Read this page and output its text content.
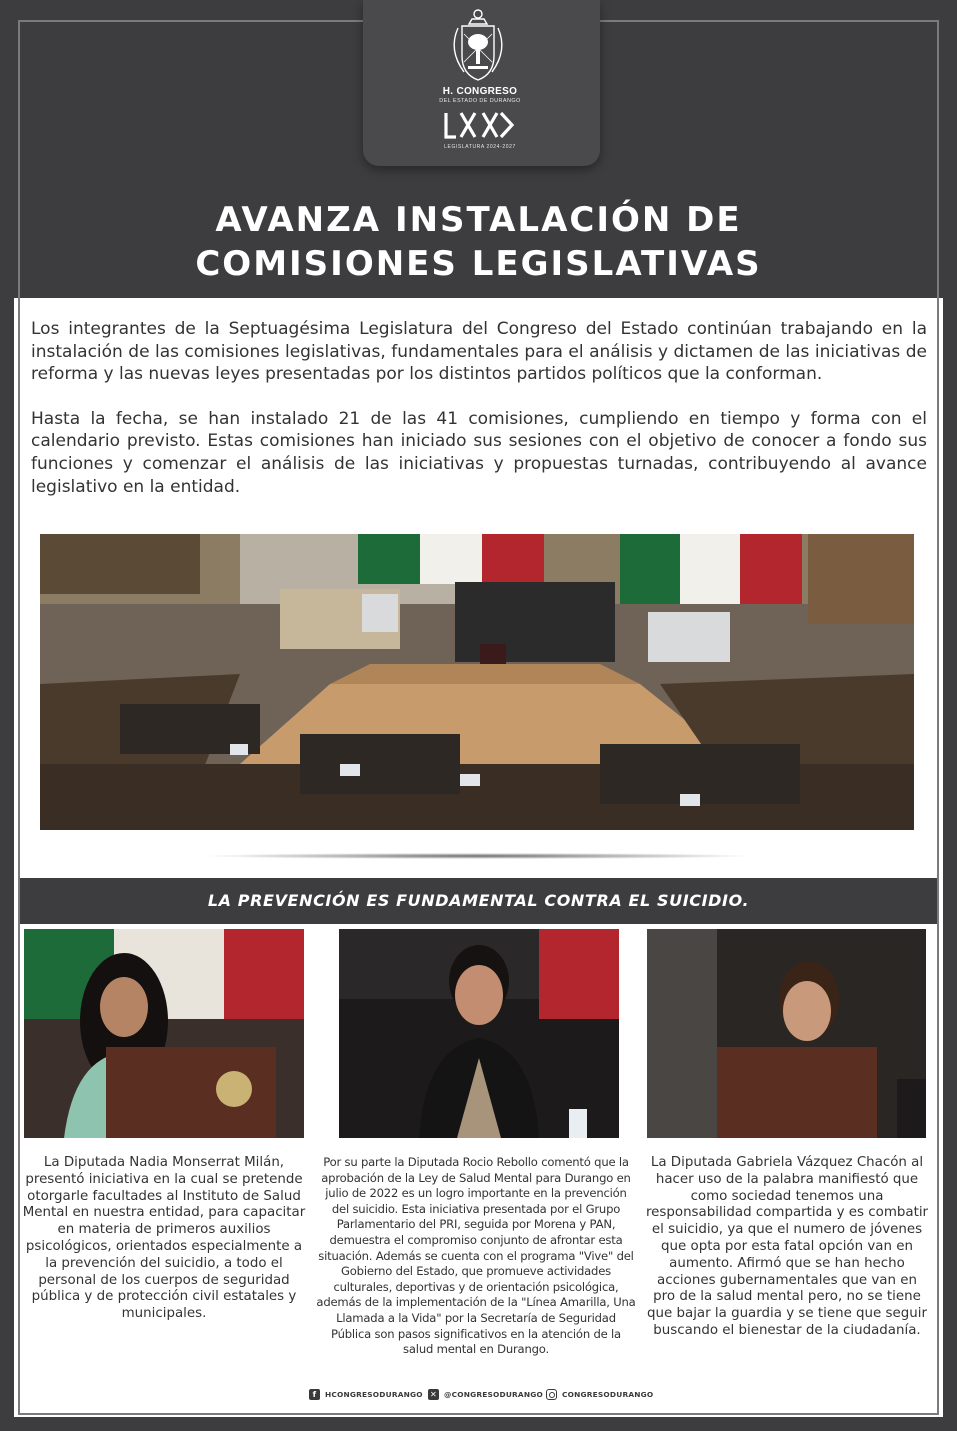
H. CONGRESO
DEL ESTADO DE DURANGO
LEGISLATURA 2024-2027
AVANZA INSTALACIÓN DE
COMISIONES LEGISLATIVAS

Los integrantes de la Septuagésima Legislatura del Congreso del Estado continúan trabajando en la instalación de las comisiones legislativas, fundamentales para el análisis y dictamen de las iniciativas de reforma y las nuevas leyes presentadas por los distintos partidos políticos que la conforman.

Hasta la fecha, se han instalado 21 de las 41 comisiones, cumpliendo en tiempo y forma con el calendario previsto. Estas comisiones han iniciado sus sesiones con el objetivo de conocer a fondo sus funciones y comenzar el análisis de las iniciativas y propuestas turnadas, contribuyendo al avance legislativo en la entidad.

LA PREVENCIÓN ES FUNDAMENTAL CONTRA EL SUICIDIO.

La Diputada Nadia Monserrat Milán, presentó iniciativa en la cual se pretende otorgarle facultades al Instituto de Salud Mental en nuestra entidad, para capacitar en materia de primeros auxilios psicológicos, orientados especialmente a la prevención del suicidio, a todo el personal de los cuerpos de seguridad pública y de protección civil estatales y municipales.

Por su parte la Diputada Rocio Rebollo comentó que la aprobación de la Ley de Salud Mental para Durango en julio de 2022 es un logro importante en la prevención del suicidio. Esta iniciativa presentada por el Grupo Parlamentario del PRI, seguida por Morena y PAN, demuestra el compromiso conjunto de afrontar esta situación. Además se cuenta con el programa "Vive" del Gobierno del Estado, que promueve actividades culturales, deportivas y de orientación psicológica, además de la implementación de la "Línea Amarilla, Una Llamada a la Vida" por la Secretaría de Seguridad Pública son pasos significativos en la atención de la salud mental en Durango.

La Diputada Gabriela Vázquez Chacón al hacer uso de la palabra manifiestó que como sociedad tenemos una responsabilidad compartida y es combatir el suicidio, ya que el numero de jóvenes que opta por esta fatal opción van en aumento. Afirmó que se han hecho acciones gubernamentales que van en pro de la salud mental pero, no se tiene que bajar la guardia y se tiene que seguir buscando el bienestar de la ciudadanía.

f	HCONGRESODURANGO ✕ @CONGRESODURANGO	CONGRESODURANGO
